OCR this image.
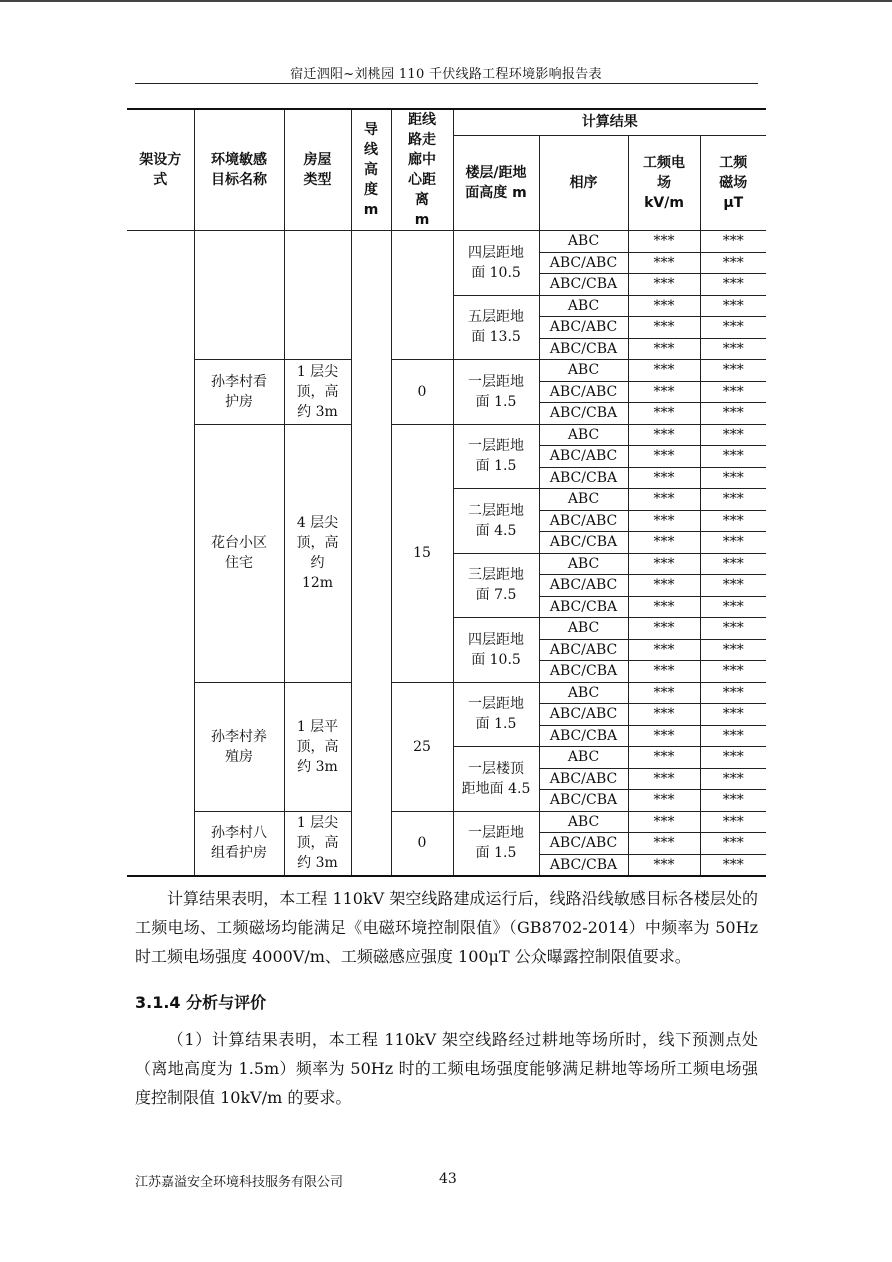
宿迁泗阳~刘桃园 110 千伏线路工程环境影响报告表
架设方式	环境敏感目标名称	房屋类型	导线高度 m	距线路走廊中心距离 m	计算结果			
					楼层/距地面高度 m	相序	工频电场 kV/m	工频磁场μT
					四层距地面 10.5	ABC	***	***
						ABC/ABC	***	***
						ABC/CBA	***	***
					五层距地面 13.5	ABC	***	***
						ABC/ABC	***	***
						ABC/CBA	***	***
	孙李村看护房	1 层尖顶，高约 3m		0	一层距地面 1.5	ABC	***	***
						ABC/ABC	***	***
						ABC/CBA	***	***
	花台小区住宅	4 层尖顶，高约 12m		15	一层距地面 1.5	ABC	***	***
						ABC/ABC	***	***
						ABC/CBA	***	***
					二层距地面 4.5	ABC	***	***
						ABC/ABC	***	***
						ABC/CBA	***	***
					三层距地面 7.5	ABC	***	***
						ABC/ABC	***	***
						ABC/CBA	***	***
					四层距地面 10.5	ABC	***	***
						ABC/ABC	***	***
						ABC/CBA	***	***
	孙李村养殖房	1 层平顶，高约 3m		25	一层距地面 1.5	ABC	***	***
						ABC/ABC	***	***
						ABC/CBA	***	***
					一层楼顶距地面 4.5	ABC	***	***
						ABC/ABC	***	***
						ABC/CBA	***	***
	孙李村八组看护房	1 层尖顶，高约 3m		0	一层距地面 1.5	ABC	***	***
						ABC/ABC	***	***
						ABC/CBA	***	***
计算结果表明，本工程 110kV 架空线路建成运行后，线路沿线敏感目标各楼层处的工频电场、工频磁场均能满足《电磁环境控制限值》（GB8702-2014）中频率为 50Hz 时工频电场强度 4000V/m、工频磁感应强度 100μT 公众曝露控制限值要求。
3.1.4 分析与评价
（1）计算结果表明，本工程 110kV 架空线路经过耕地等场所时，线下预测点处（离地高度为 1.5m）频率为 50Hz 时的工频电场强度能够满足耕地等场所工频电场强度控制限值 10kV/m 的要求。
江苏嘉溢安全环境科技服务有限公司	43
